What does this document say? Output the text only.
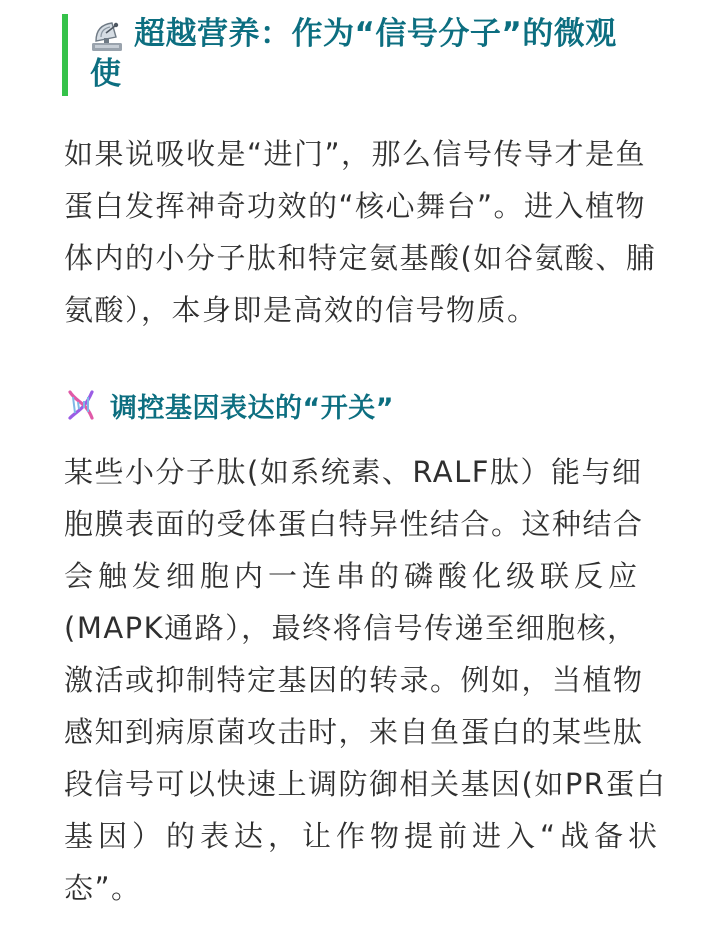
超越营养：作为“信号分子”的微观
使

如果说吸收是“进门”，那么信号传导才是鱼
蛋白发挥神奇功效的“核心舞台”。进入植物
体内的小分子肽和特定氨基酸(如谷氨酸、脯
氨酸），本身即是高效的信号物质。

调控基因表达的“开关”

某些小分子肽(如系统素、RALF肽）能与细
胞膜表面的受体蛋白特异性结合。这种结合
会触发细胞内一连串的磷酸化级联反应
(MAPK通路），最终将信号传递至细胞核，
激活或抑制特定基因的转录。例如，当植物
感知到病原菌攻击时，来自鱼蛋白的某些肽
段信号可以快速上调防御相关基因(如PR蛋白
基因）的表达，让作物提前进入“战备状
态”。
